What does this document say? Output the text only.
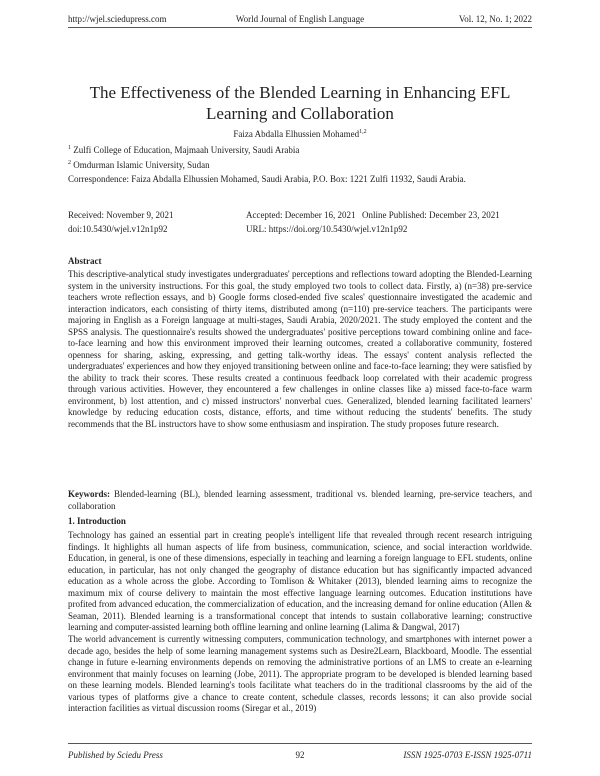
http://wjel.sciedupress.com	World Journal of English Language	Vol. 12, No. 1; 2022
The Effectiveness of the Blended Learning in Enhancing EFL Learning and Collaboration
Faiza Abdalla Elhussien Mohamed$^{1,2}$

$^1$ Zulfi College of Education, Majmaah University, Saudi Arabia

$^2$ Omdurman Islamic University, Sudan

Correspondence: Faiza Abdalla Elhussien Mohamed, Saudi Arabia, P.O. Box: 1221 Zulfi 11932, Saudi Arabia.

Received: November 9, 2021	Accepted: December 16, 2021 Online Published: December 23, 2021
doi:10.5430/wjel.v12n1p92	URL: https://doi.org/10.5430/wjel.v12n1p92
Abstract

This descriptive-analytical study investigates undergraduates' perceptions and reflections toward adopting the Blended-Learning system in the university instructions. For this goal, the study employed two tools to collect data. Firstly, a) (n=38) pre-service teachers wrote reflection essays, and b) Google forms closed-ended five scales' questionnaire investigated the academic and interaction indicators, each consisting of thirty items, distributed among (n=110) pre-service teachers. The participants were majoring in English as a Foreign language at multi-stages, Saudi Arabia, 2020/2021. The study employed the content and the SPSS analysis. The questionnaire's results showed the undergraduates' positive perceptions toward combining online and face-to-face learning and how this environment improved their learning outcomes, created a collaborative community, fostered openness for sharing, asking, expressing, and getting talk-worthy ideas. The essays' content analysis reflected the undergraduates' experiences and how they enjoyed transitioning between online and face-to-face learning; they were satisfied by the ability to track their scores. These results created a continuous feedback loop correlated with their academic progress through various activities. However, they encountered a few challenges in online classes like a) missed face-to-face warm environment, b) lost attention, and c) missed instructors' nonverbal cues. Generalized, blended learning facilitated learners' knowledge by reducing education costs, distance, efforts, and time without reducing the students' benefits. The study recommends that the BL instructors have to show some enthusiasm and inspiration. The study proposes future research.

Keywords: Blended-learning (BL), blended learning assessment, traditional vs. blended learning, pre-service teachers, and collaboration

1. Introduction

Technology has gained an essential part in creating people's intelligent life that revealed through recent research intriguing findings. It highlights all human aspects of life from business, communication, science, and social interaction worldwide. Education, in general, is one of these dimensions, especially in teaching and learning a foreign language to EFL students, online education, in particular, has not only changed the geography of distance education but has significantly impacted advanced education as a whole across the globe. According to Tomlison & Whitaker (2013), blended learning aims to recognize the maximum mix of course delivery to maintain the most effective language learning outcomes. Education institutions have profited from advanced education, the commercialization of education, and the increasing demand for online education (Allen & Seaman, 2011). Blended learning is a transformational concept that intends to sustain collaborative learning; constructive learning and computer-assisted learning both offline learning and online learning (Lalima & Dangwal, 2017)

The world advancement is currently witnessing computers, communication technology, and smartphones with internet power a decade ago, besides the help of some learning management systems such as Desire2Learn, Blackboard, Moodle. The essential change in future e-learning environments depends on removing the administrative portions of an LMS to create an e-learning environment that mainly focuses on learning (Jobe, 2011). The appropriate program to be developed is blended learning based on these learning models. Blended learning's tools facilitate what teachers do in the traditional classrooms by the aid of the various types of platforms give a chance to create content, schedule classes, records lessons; it can also provide social interaction facilities as virtual discussion rooms (Siregar et al., 2019)

Published by Sciedu Press	92	ISSN 1925-0703 E-ISSN 1925-0711
